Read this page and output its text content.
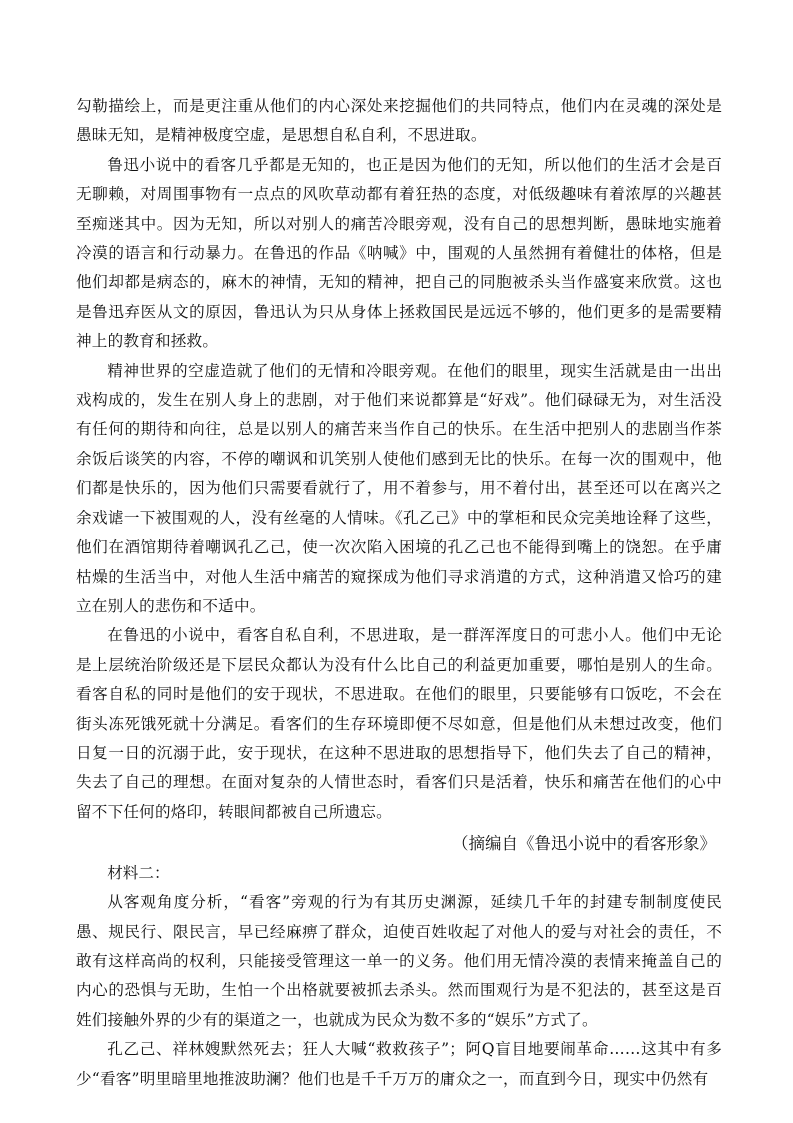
勾勒描绘上，而是更注重从他们的内心深处来挖掘他们的共同特点，他们内在灵魂的深处是愚昧无知，是精神极度空虚，是思想自私自利，不思进取。

鲁迅小说中的看客几乎都是无知的，也正是因为他们的无知，所以他们的生活才会是百无聊赖，对周围事物有一点点的风吹草动都有着狂热的态度，对低级趣味有着浓厚的兴趣甚至痴迷其中。因为无知，所以对别人的痛苦冷眼旁观，没有自己的思想判断，愚昧地实施着冷漠的语言和行动暴力。在鲁迅的作品《呐喊》中，围观的人虽然拥有着健壮的体格，但是他们却都是病态的，麻木的神情，无知的精神，把自己的同胞被杀头当作盛宴来欣赏。这也是鲁迅弃医从文的原因，鲁迅认为只从身体上拯救国民是远远不够的，他们更多的是需要精神上的教育和拯救。

精神世界的空虚造就了他们的无情和冷眼旁观。在他们的眼里，现实生活就是由一出出戏构成的，发生在别人身上的悲剧，对于他们来说都算是“好戏”。他们碌碌无为，对生活没有任何的期待和向往，总是以别人的痛苦来当作自己的快乐。在生活中把别人的悲剧当作茶余饭后谈笑的内容，不停的嘲讽和讥笑别人使他们感到无比的快乐。在每一次的围观中，他们都是快乐的，因为他们只需要看就行了，用不着参与，用不着付出，甚至还可以在离兴之余戏谑一下被围观的人，没有丝毫的人情味。《孔乙己》中的掌柜和民众完美地诠释了这些，他们在酒馆期待着嘲讽孔乙己，使一次次陷入困境的孔乙己也不能得到嘴上的饶恕。在乎庸枯燥的生活当中，对他人生活中痛苦的窥探成为他们寻求消遣的方式，这种消遣又恰巧的建立在别人的悲伤和不适中。

在鲁迅的小说中，看客自私自利，不思进取，是一群浑浑度日的可悲小人。他们中无论是上层统治阶级还是下层民众都认为没有什么比自己的利益更加重要，哪怕是别人的生命。看客自私的同时是他们的安于现状，不思进取。在他们的眼里，只要能够有口饭吃，不会在街头冻死饿死就十分满足。看客们的生存环境即便不尽如意，但是他们从未想过改变，他们日复一日的沉溺于此，安于现状，在这种不思进取的思想指导下，他们失去了自己的精神，失去了自己的理想。在面对复杂的人情世态时，看客们只是活着，快乐和痛苦在他们的心中留不下任何的烙印，转眼间都被自己所遗忘。

（摘编自《鲁迅小说中的看客形象》

材料二：

从客观角度分析，“看客”旁观的行为有其历史渊源，延续几千年的封建专制制度使民愚、规民行、限民言，早已经麻痹了群众，迫使百姓收起了对他人的爱与对社会的责任，不敢有这样高尚的权利，只能接受管理这一单一的义务。他们用无情冷漠的表情来掩盖自己的内心的恐惧与无助，生怕一个出格就要被抓去杀头。然而围观行为是不犯法的，甚至这是百姓们接触外界的少有的渠道之一，也就成为民众为数不多的“娱乐”方式了。

孔乙己、祥林嫂默然死去；狂人大喊“救救孩子”；阿Q盲目地要闹革命……这其中有多少“看客”明里暗里地推波助澜？他们也是千千万万的庸众之一，而直到今日，现实中仍然有
